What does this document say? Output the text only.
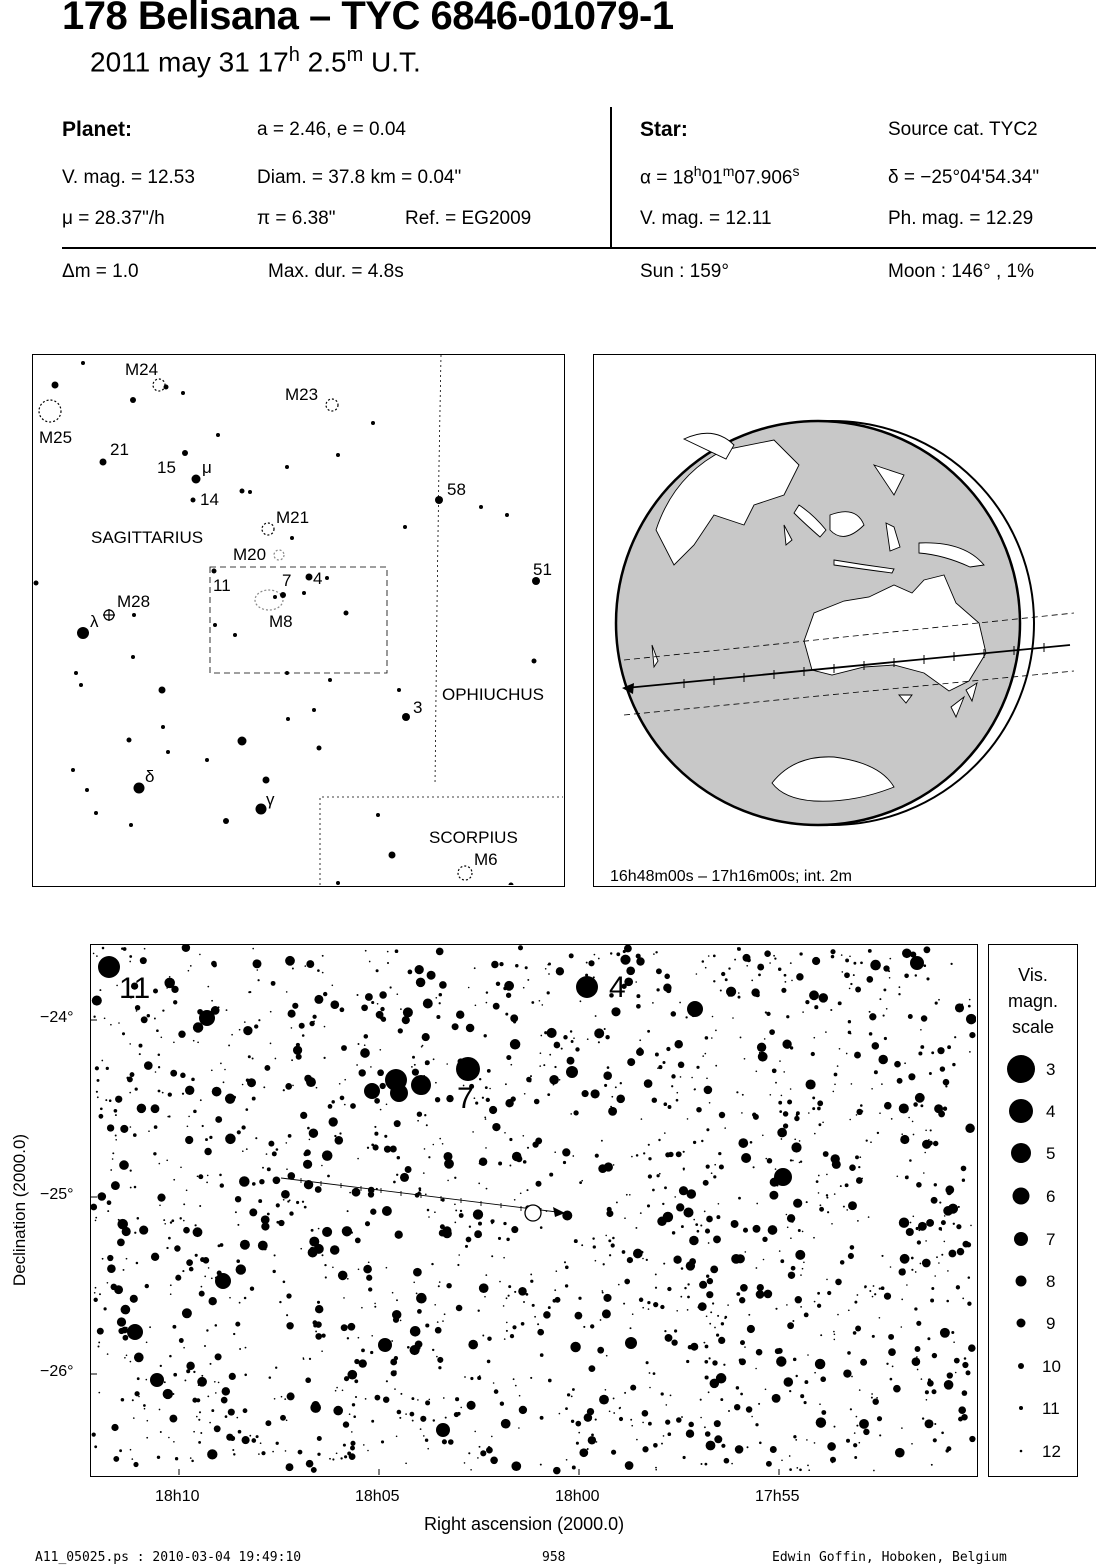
178 Belisana – TYC 6846-01079-1
2011 may 31 17$^h$ 2.5$^m$ U.T.
Planet:	a = 2.46, e = 0.04
V. mag. = 12.53	Diam. = 37.8 km = 0.04"
μ = 28.37"/h	π = 6.38"	Ref. = EG2009
Star:	Source cat. TYC2
$\alpha = 18^h01^m07.906^s$	δ = −25°04'54.34"
V. mag. = 12.11	Ph. mag. = 12.29
Δm = 1.0	Max. dur. = 4.8s	Sun : 159°	Moon : 146° , 1%
M24
M23
M25
21
15 μ
14
58
M21
SAGITTARIUS
M20
51
11	7 4
M28
λ	M8
OPHIUCHUS
3
δ
γ
SCORPIUS
M6
16h48m00s – 17h16m00s; int. 2m
11	4
7
−24°
−25°
−26°
18h10	18h05	18h00	17h55
Declination (2000.0)
Right ascension (2000.0)
Vis.
magn.
scale
3
4
5
6
7
8
9
10
11
12
A11_05025.ps : 2010-03-04 19:49:10	958	Edwin Goffin, Hoboken, Belgium
